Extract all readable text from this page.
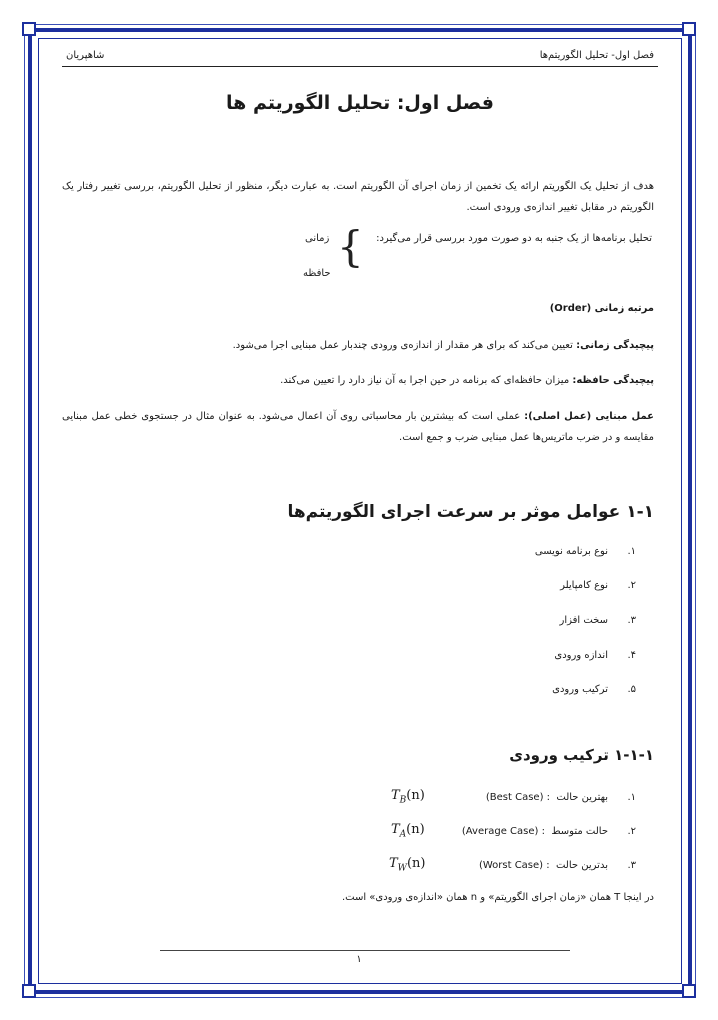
فصل اول- تحلیل الگوریتم‌ها
شاهپریان
فصل اول: تحلیل الگوریتم ها
هدف از تحلیل یک الگوریتم ارائه یک تخمین از زمان اجرای آن الگوریتم است. به عبارت دیگر، منظور از تحلیل الگوریتم، بررسی تغییر رفتار یک الگوریتم در مقابل تغییر اندازه‌ی ورودی است.
تحلیل برنامه‌ها از یک جنبه به دو صورت مورد بررسی قرار می‌گیرد:
{
زمانی
حافظه
مرتبه زمانی (Order)
پیچیدگی زمانی: تعیین می‌کند که برای هر مقدار از اندازه‌ی ورودی چندبار عمل مبنایی اجرا می‌شود.
پیچیدگی حافظه: میزان حافظه‌ای که برنامه در حین اجرا به آن نیاز دارد را تعیین می‌کند.
عمل مبنایی (عمل اصلی): عملی است که بیشترین بار محاسباتی روی آن اعمال می‌شود. به عنوان مثال در جستجوی خطی عمل مبنایی مقایسه و در ضرب ماتریس‌ها عمل مبنایی ضرب و جمع است.
۱-۱ عوامل موثر بر سرعت اجرای الگوریتم‌ها
۱.نوع برنامه نویسی
۲.نوع کامپایلر
۳.سخت افزار
۴.اندازه ورودی
۵.ترکیب ورودی
۱-۱-۱ ترکیب ورودی
۱.بهترین حالت  (Best Case) :
$T_B(n)$
۲.حالت متوسط  (Average Case) :
$T_A(n)$
۳.بدترین حالت  (Worst Case) :
$T_W(n)$
در اینجا T همان «زمان اجرای الگوریتم» و n همان «اندازه‌ی ورودی» است.
۱
